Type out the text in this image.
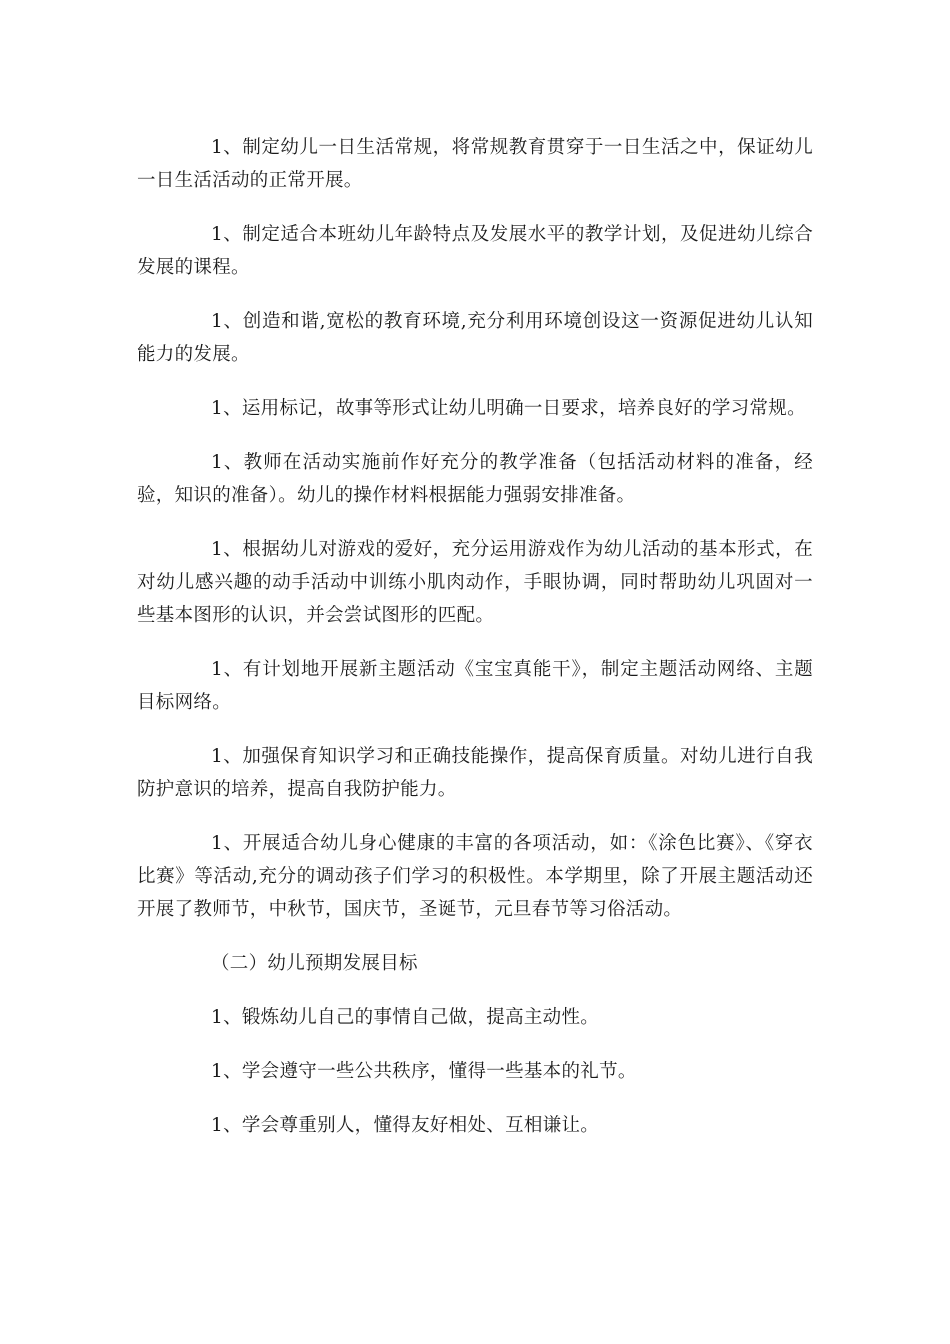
1、制定幼儿一日生活常规，将常规教育贯穿于一日生活之中，保证幼儿一日生活活动的正常开展。

1、制定适合本班幼儿年龄特点及发展水平的教学计划，及促进幼儿综合发展的课程。

1、创造和谐,宽松的教育环境,充分利用环境创设这一资源促进幼儿认知能力的发展。

1、运用标记，故事等形式让幼儿明确一日要求，培养良好的学习常规。

1、教师在活动实施前作好充分的教学准备（包括活动材料的准备，经验，知识的准备）。幼儿的操作材料根据能力强弱安排准备。

1、根据幼儿对游戏的爱好，充分运用游戏作为幼儿活动的基本形式，在对幼儿感兴趣的动手活动中训练小肌肉动作，手眼协调，同时帮助幼儿巩固对一些基本图形的认识，并会尝试图形的匹配。

1、有计划地开展新主题活动《宝宝真能干》，制定主题活动网络、主题目标网络。

1、加强保育知识学习和正确技能操作，提高保育质量。对幼儿进行自我防护意识的培养，提高自我防护能力。

1、开展适合幼儿身心健康的丰富的各项活动，如：《涂色比赛》、《穿衣比赛》等活动,充分的调动孩子们学习的积极性。本学期里，除了开展主题活动还开展了教师节，中秋节，国庆节，圣诞节，元旦春节等习俗活动。

（二）幼儿预期发展目标

1、锻炼幼儿自己的事情自己做，提高主动性。

1、学会遵守一些公共秩序，懂得一些基本的礼节。

1、学会尊重别人，懂得友好相处、互相谦让。
